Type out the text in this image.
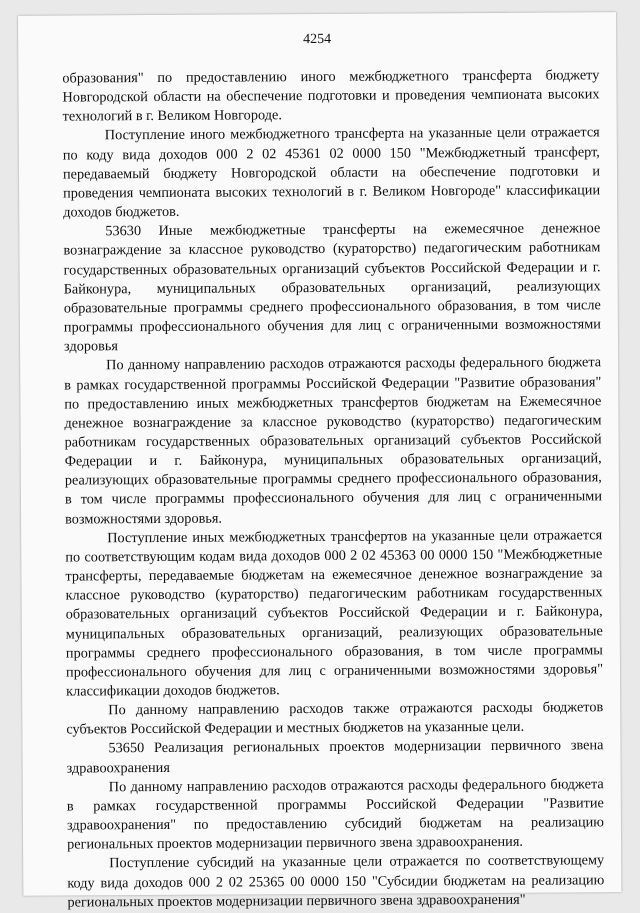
4254

образования" по предоставлению иного межбюджетного трансферта бюджету Новгородской области на обеспечение подготовки и проведения чемпионата высоких технологий в г. Великом Новгороде.

Поступление иного межбюджетного трансферта на указанные цели отражается по коду вида доходов 000 2 02 45361 02 0000 150 "Межбюджетный трансферт, передаваемый бюджету Новгородской области на обеспечение подготовки и проведения чемпионата высоких технологий в г. Великом Новгороде" классификации доходов бюджетов.

53630 Иные межбюджетные трансферты на ежемесячное денежное вознаграждение за классное руководство (кураторство) педагогическим работникам государственных образовательных организаций субъектов Российской Федерации и г. Байконура, муниципальных образовательных организаций, реализующих образовательные программы среднего профессионального образования, в том числе программы профессионального обучения для лиц с ограниченными возможностями здоровья

По данному направлению расходов отражаются расходы федерального бюджета в рамках государственной программы Российской Федерации "Развитие образования" по предоставлению иных межбюджетных трансфертов бюджетам на Ежемесячное денежное вознаграждение за классное руководство (кураторство) педагогическим работникам государственных образовательных организаций субъектов Российской Федерации и г. Байконура, муниципальных образовательных организаций, реализующих образовательные программы среднего профессионального образования, в том числе программы профессионального обучения для лиц с ограниченными возможностями здоровья.

Поступление иных межбюджетных трансфертов на указанные цели отражается по соответствующим кодам вида доходов 000 2 02 45363 00 0000 150 "Межбюджетные трансферты, передаваемые бюджетам на ежемесячное денежное вознаграждение за классное руководство (кураторство) педагогическим работникам государственных образовательных организаций субъектов Российской Федерации и г. Байконура, муниципальных образовательных организаций, реализующих образовательные программы среднего профессионального образования, в том числе программы профессионального обучения для лиц с ограниченными возможностями здоровья" классификации доходов бюджетов.

По данному направлению расходов также отражаются расходы бюджетов субъектов Российской Федерации и местных бюджетов на указанные цели.

53650 Реализация региональных проектов модернизации первичного звена здравоохранения

По данному направлению расходов отражаются расходы федерального бюджета в рамках государственной программы Российской Федерации "Развитие здравоохранения" по предоставлению субсидий бюджетам на реализацию региональных проектов модернизации первичного звена здравоохранения.

Поступление субсидий на указанные цели отражается по соответствующему коду вида доходов 000 2 02 25365 00 0000 150 "Субсидии бюджетам на реализацию региональных проектов модернизации первичного звена здравоохранения"
